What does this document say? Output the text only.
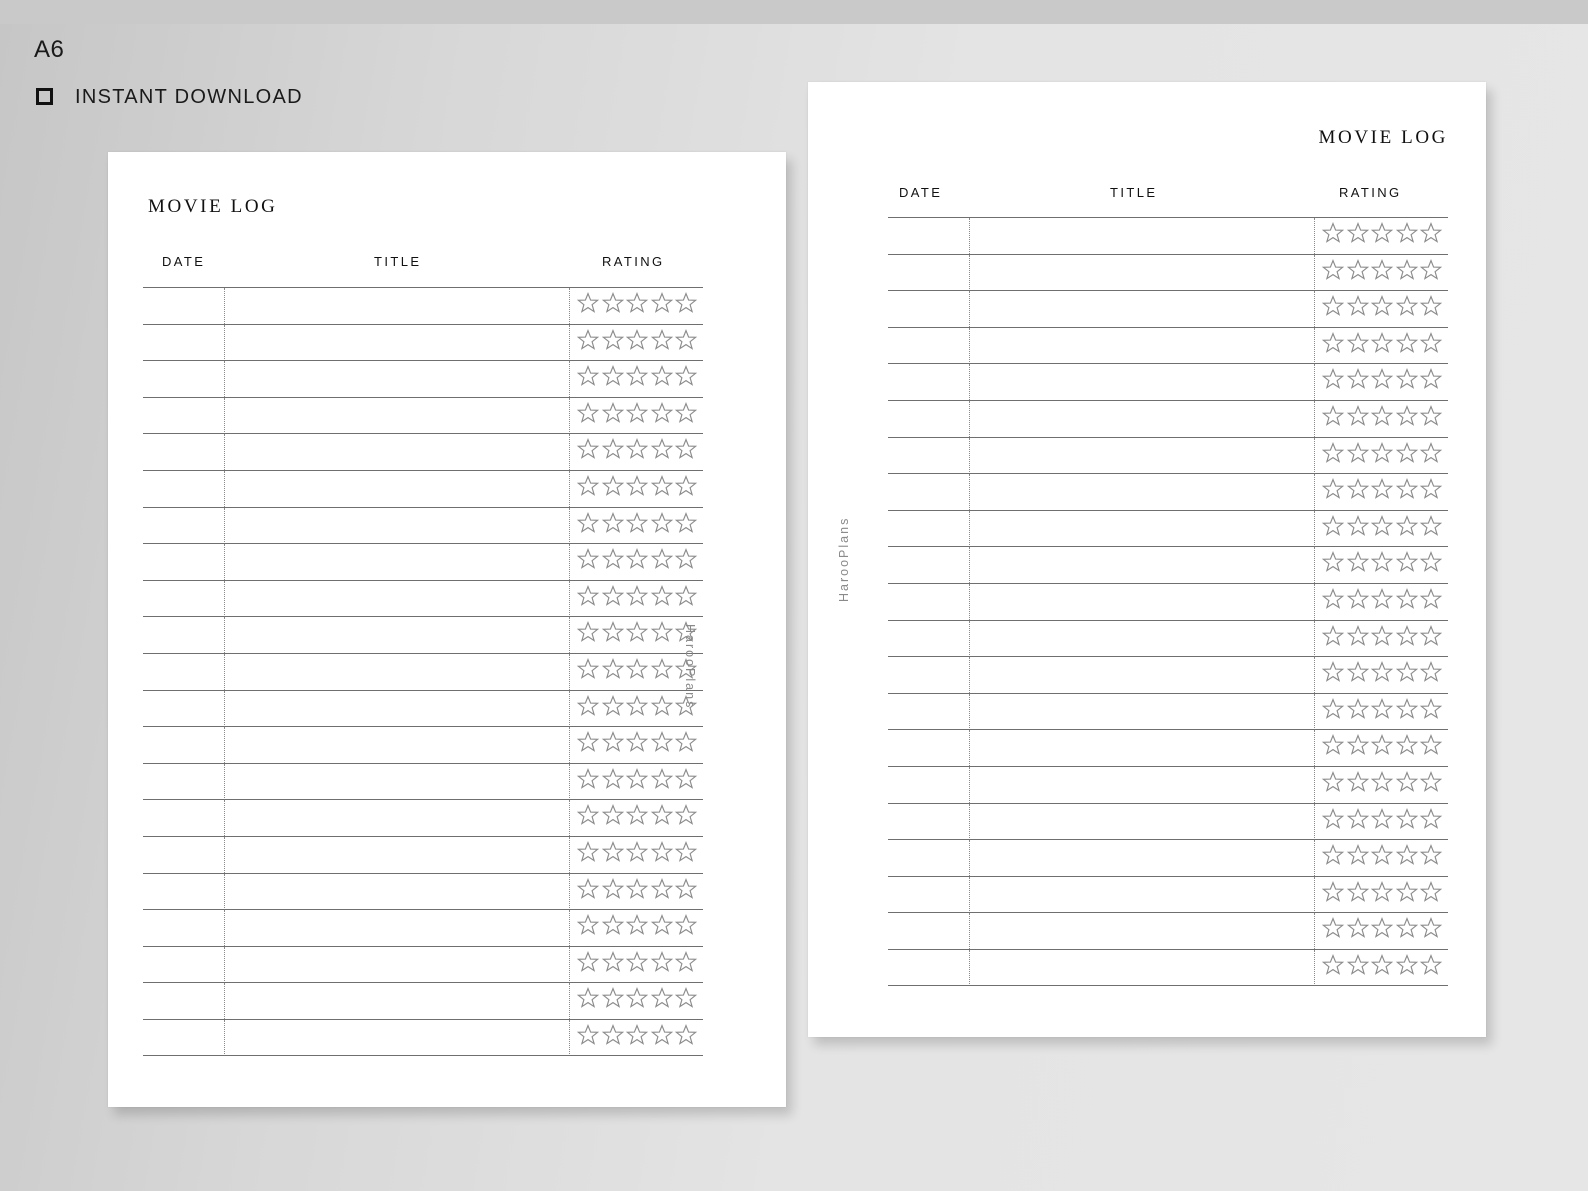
A6
INSTANT DOWNLOAD
MOVIE LOG
DATE	TITLE	RATING
HarooPlans
MOVIE LOG
DATE	TITLE	RATING
HarooPlans
